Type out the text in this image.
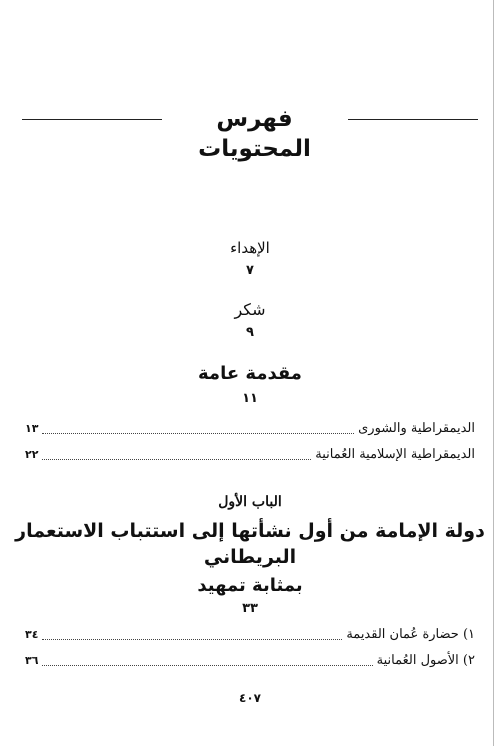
فهرس المحتويات
الإهداء
٧
شكر
٩
مقدمة عامة
١١
الديمقراطية والشورى
١٣
الديمقراطية الإسلامية العُمانية
٢٢
الباب الأول
دولة الإمامة من أول نشأتها إلى استتباب الاستعمار البريطاني
بمثابة تمهيد
٣٣
١) حضارة عُمان القديمة
٣٤
٢) الأصول العُمانية
٣٦
٤٠٧
